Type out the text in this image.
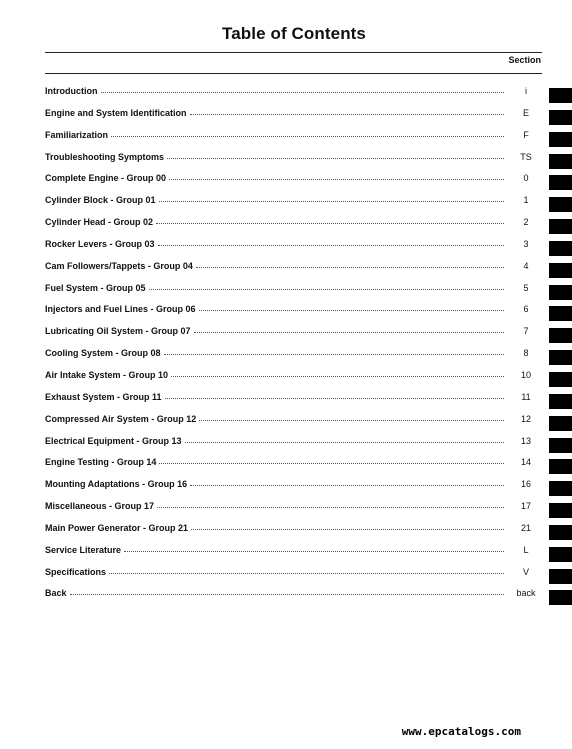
Table of Contents
Section
Introduction	i
Engine and System Identification	E
Familiarization	F
Troubleshooting Symptoms	TS
Complete Engine - Group 00	0
Cylinder Block - Group 01	1
Cylinder Head - Group 02	2
Rocker Levers - Group 03	3
Cam Followers/Tappets - Group 04	4
Fuel System - Group 05	5
Injectors and Fuel Lines - Group 06	6
Lubricating Oil System - Group 07	7
Cooling System - Group 08	8
Air Intake System - Group 10	10
Exhaust System - Group 11	11
Compressed Air System - Group 12	12
Electrical Equipment - Group 13	13
Engine Testing - Group 14	14
Mounting Adaptations - Group 16	16
Miscellaneous - Group 17	17
Main Power Generator - Group 21	21
Service Literature	L
Specifications	V
Back	back
www.epcatalogs.com
